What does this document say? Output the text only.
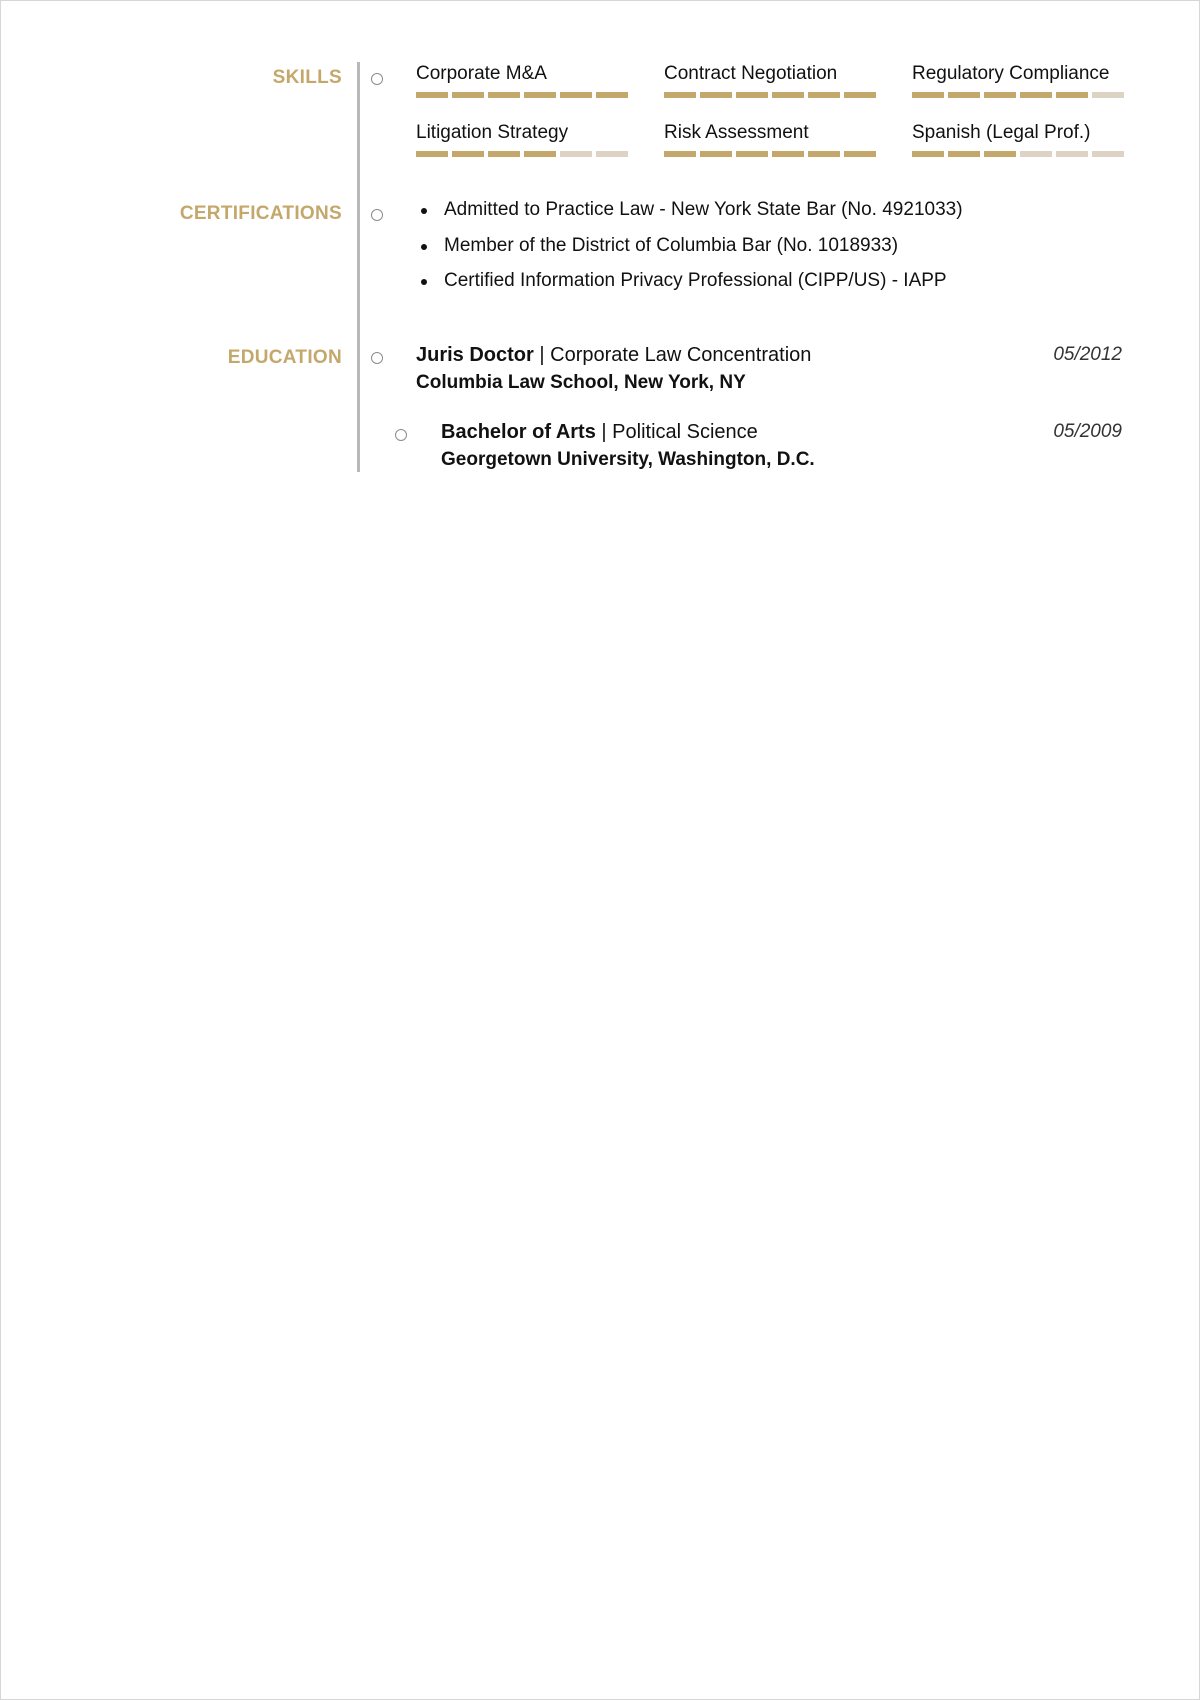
SKILLS	Corporate M&A	Contract Negotiation	Regulatory Compliance
Litigation Strategy	Risk Assessment	Spanish (Legal Prof.)
CERTIFICATIONS	Admitted to Practice Law - New York State Bar (No. 4921033)
Member of the District of Columbia Bar (No. 1018933)
Certified Information Privacy Professional (CIPP/US) - IAPP
EDUCATION	Juris Doctor | Corporate Law Concentration
Columbia Law School, New York, NY
05/2012
Bachelor of Arts | Political Science
Georgetown University, Washington, D.C.
05/2009
